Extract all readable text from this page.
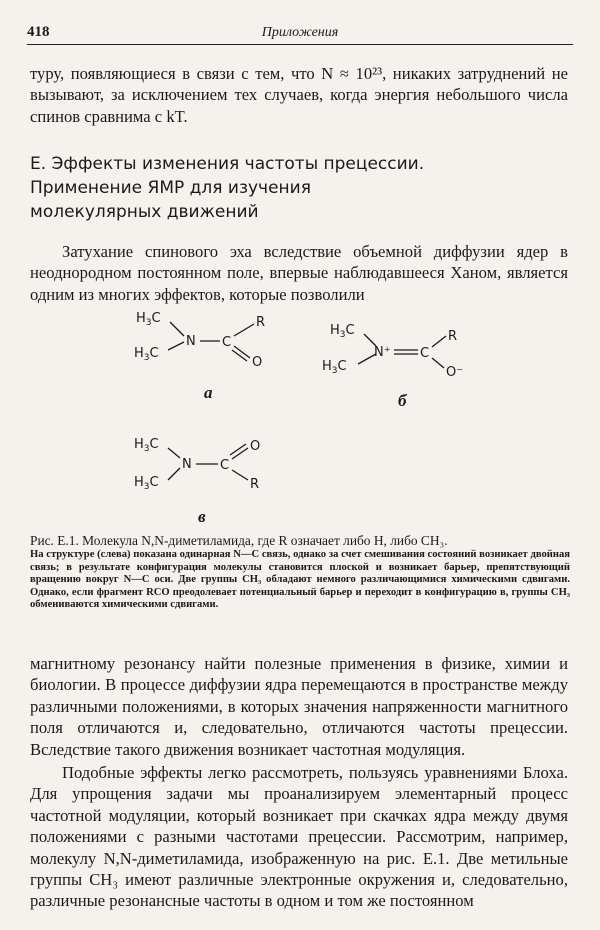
418	Приложения

туру, появляющиеся в связи с тем, что N ≈ 10²³, никаких затруднений не вызывают, за исключением тех случаев, когда энергия небольшого числа спинов сравнима с kT.

Е. Эффекты изменения частоты прецессии.
Применение ЯМР для изучения
молекулярных движений

Затухание спинового эха вследствие объемной диффузии ядер в неоднородном постоянном поле, впервые наблюдавшееся Ханом, является одним из многих эффектов, которые позволили

$H_3C$
$H_3C$
N C
R
O
а
$H_3C$
$H_3C$
N⁺ C
R
O⁻
б
$H_3C$
$H_3C$
N C
O
R
в
Рис. Е.1. Молекула N,N-диметиламида, где R означает либо H, либо CH₃.
На структуре (слева) показана одинарная N—C связь, однако за счет смешивания состояний возникает двойная связь; в результате конфигурация молекулы становится плоской и возникает барьер, препятствующий вращению вокруг N—C оси. Две группы CH₃ обладают немного различающимися химическими сдвигами. Однако, если фрагмент RCO преодолевает потенциальный барьер и переходит в конфигурацию в, группы CH₃ обмениваются химическими сдвигами.

магнитному резонансу найти полезные применения в физике, химии и биологии. В процессе диффузии ядра перемещаются в пространстве между различными положениями, в которых значения напряженности магнитного поля отличаются и, следовательно, отличаются частоты прецессии. Вследствие такого движения возникает частотная модуляция.

Подобные эффекты легко рассмотреть, пользуясь уравнениями Блоха. Для упрощения задачи мы проанализируем элементарный процесс частотной модуляции, который возникает при скачках ядра между двумя положениями с разными частотами прецессии. Рассмотрим, например, молекулу N,N-диметиламида, изображенную на рис. Е.1. Две метильные группы CH₃ имеют различные электронные окружения и, следовательно, различные резонансные частоты в одном и том же постоянном
